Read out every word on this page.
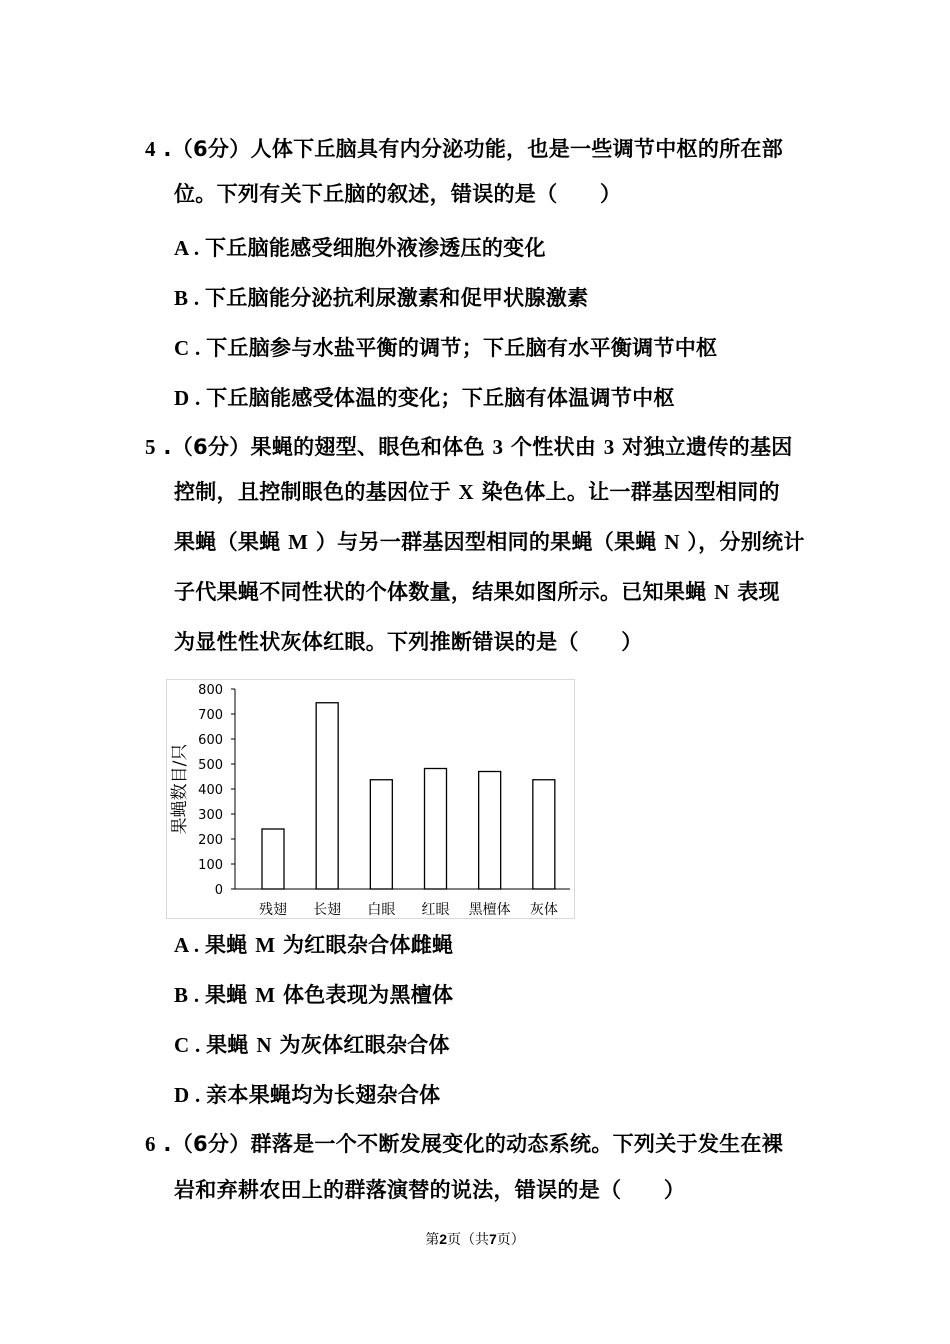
4 .（6分）人体下丘脑具有内分泌功能，也是一些调节中枢的所在部
位。下列有关下丘脑的叙述，错误的是（　　）
A . 下丘脑能感受细胞外液渗透压的变化
B . 下丘脑能分泌抗利尿激素和促甲状腺激素
C . 下丘脑参与水盐平衡的调节；下丘脑有水平衡调节中枢
D . 下丘脑能感受体温的变化；下丘脑有体温调节中枢
5 .（6分）果蝇的翅型、眼色和体色 3 个性状由 3 对独立遗传的基因
控制，且控制眼色的基因位于 X 染色体上。让一群基因型相同的
果蝇（果蝇 M ）与另一群基因型相同的果蝇（果蝇 N ），分别统计
子代果蝇不同性状的个体数量，结果如图所示。已知果蝇 N 表现
为显性性状灰体红眼。下列推断错误的是（　　）
0
100
200
300
400
500
600
700
800
果蝇数目/只
残翅 长翅 白眼 红眼 黑檀体 灰体
A . 果蝇 M 为红眼杂合体雌蝇
B . 果蝇 M 体色表现为黑檀体
C . 果蝇 N 为灰体红眼杂合体
D . 亲本果蝇均为长翅杂合体
6 .（6分）群落是一个不断发展变化的动态系统。下列关于发生在裸
岩和弃耕农田上的群落演替的说法，错误的是（　　）
第2页（共7页）
